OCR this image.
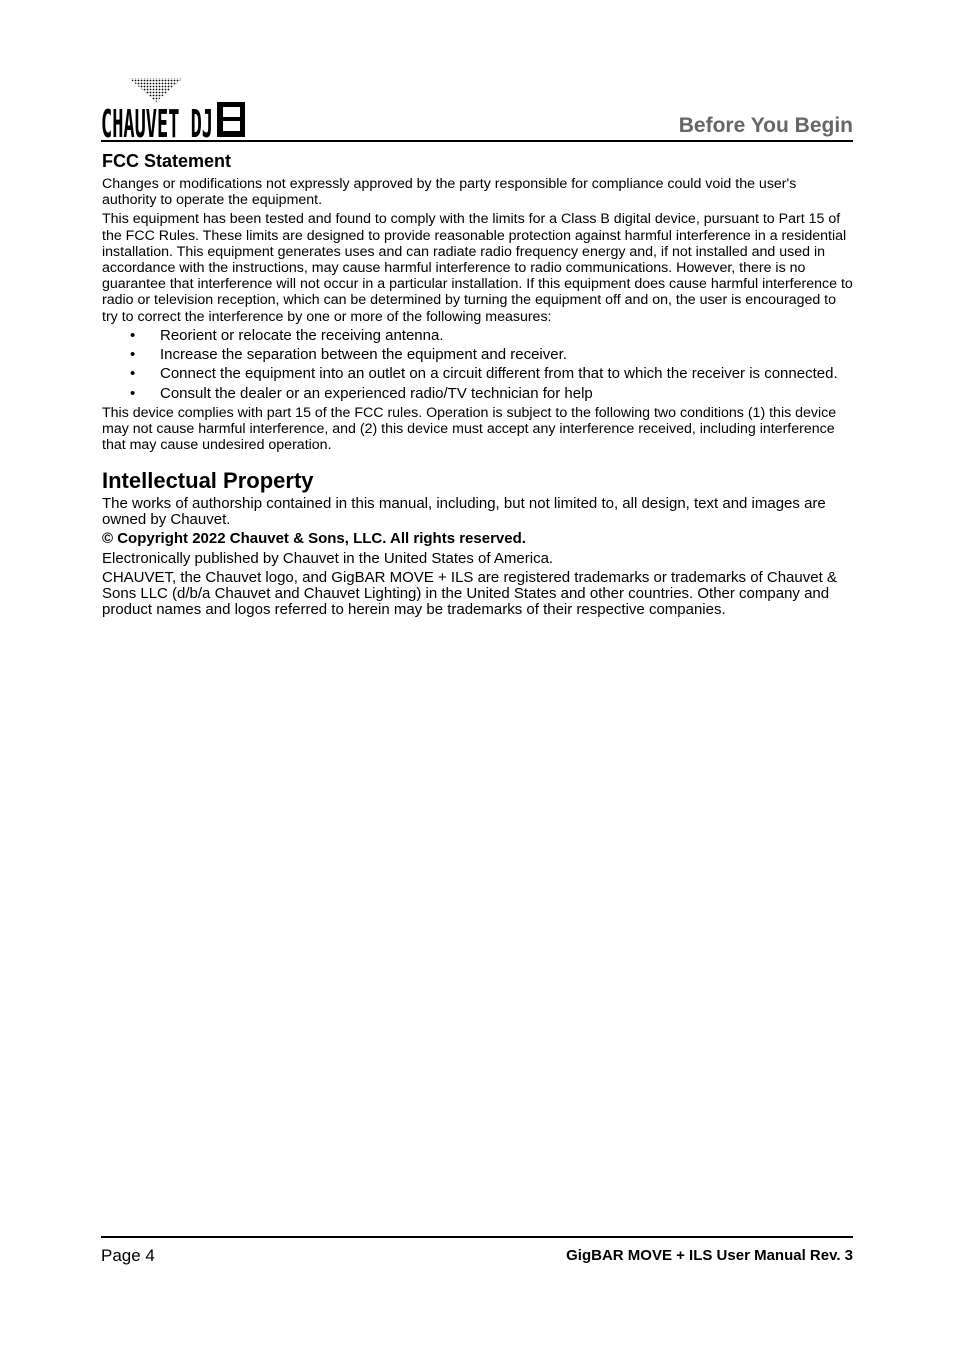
CHAUVET DJ	Before You Begin
FCC Statement

Changes or modifications not expressly approved by the party responsible for compliance could void the user's authority to operate the equipment.

This equipment has been tested and found to comply with the limits for a Class B digital device, pursuant to Part 15 of the FCC Rules. These limits are designed to provide reasonable protection against harmful interference in a residential installation. This equipment generates uses and can radiate radio frequency energy and, if not installed and used in accordance with the instructions, may cause harmful interference to radio communications. However, there is no guarantee that interference will not occur in a particular installation. If this equipment does cause harmful interference to radio or television reception, which can be determined by turning the equipment off and on, the user is encouraged to try to correct the interference by one or more of the following measures:

• Reorient or relocate the receiving antenna.
• Increase the separation between the equipment and receiver.
• Connect the equipment into an outlet on a circuit different from that to which the receiver is connected.
• Consult the dealer or an experienced radio/TV technician for help

This device complies with part 15 of the FCC rules. Operation is subject to the following two conditions (1) this device may not cause harmful interference, and (2) this device must accept any interference received, including interference that may cause undesired operation.

Intellectual Property

The works of authorship contained in this manual, including, but not limited to, all design, text and images are owned by Chauvet.

© Copyright 2022 Chauvet & Sons, LLC. All rights reserved.

Electronically published by Chauvet in the United States of America.

CHAUVET, the Chauvet logo, and GigBAR MOVE + ILS are registered trademarks or trademarks of Chauvet & Sons LLC (d/b/a Chauvet and Chauvet Lighting) in the United States and other countries. Other company and product names and logos referred to herein may be trademarks of their respective companies.

Page 4	GigBAR MOVE + ILS User Manual Rev. 3
